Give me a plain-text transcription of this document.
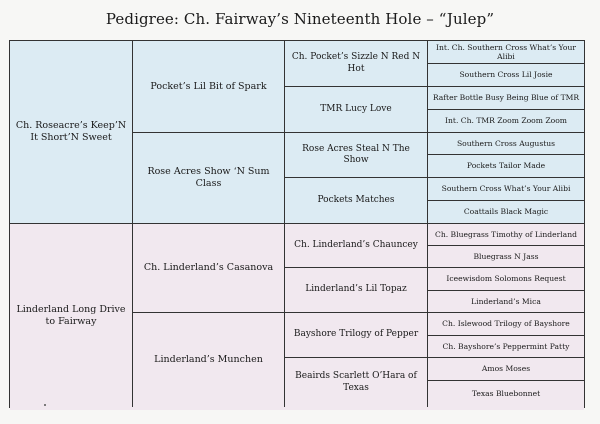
Pedigree: Ch. Fairway’s Nineteenth Hole – “Julep”
Ch. Roseacre’s Keep’N It Short’N Sweet
Linderland Long Drive to Fairway
Pocket’s Lil Bit of Spark
Rose Acres Show ‘N Sum Class
Ch. Linderland’s Casanova
Linderland’s Munchen
Ch. Pocket’s Sizzle N Red N Hot
TMR Lucy Love
Rose Acres Steal N The Show
Pockets Matches
Ch. Linderland’s Chauncey
Linderland’s Lil Topaz
Bayshore Trilogy of Pepper
Beairds Scarlett O’Hara of Texas
Int. Ch. Southern Cross What’s Your Alibi
Southern Cross Lil Josie
Rafter Bottle Busy Being Blue of TMR
Int. Ch. TMR Zoom Zoom Zoom
Southern Cross Augustus
Pockets Tailor Made
Southern Cross What’s Your Alibi
Coattails Black Magic
Ch. Bluegrass Timothy of Linderland
Bluegrass N Jass
Iceewisdom Solomons Request
Linderland’s Mica
Ch. Islewood Trilogy of Bayshore
Ch. Bayshore’s Peppermint Patty
Amos Moses
Texas Bluebonnet
